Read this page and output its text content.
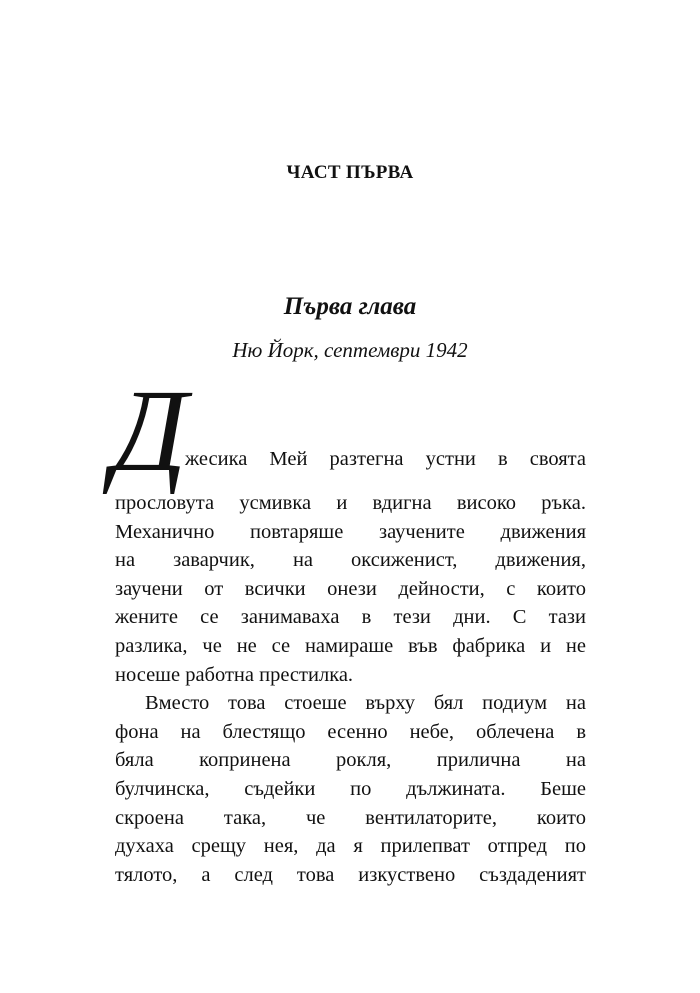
ЧАСТ ПЪРВА
Първа глава
Ню Йорк, септември 1942
Д
жесика Мей разтегна устни в своята

прословута усмивка и вдигна високо ръка.
Механично повтаряше заучените движения
на заварчик, на оксиженист, движения,
заучени от всички онези дейности, с които
жените се занимаваха в тези дни. С тази
разлика, че не се намираше във фабрика и не
носеше работна престилка.

Вместо това стоеше върху бял подиум на
фона на блестящо есенно небе, облечена в
бяла копринена рокля, прилична на
булчинска, съдейки по дължината. Беше
скроена така, че вентилаторите, които
духаха срещу нея, да я прилепват отпред по
тялото, а след това изкуствено създаденият
